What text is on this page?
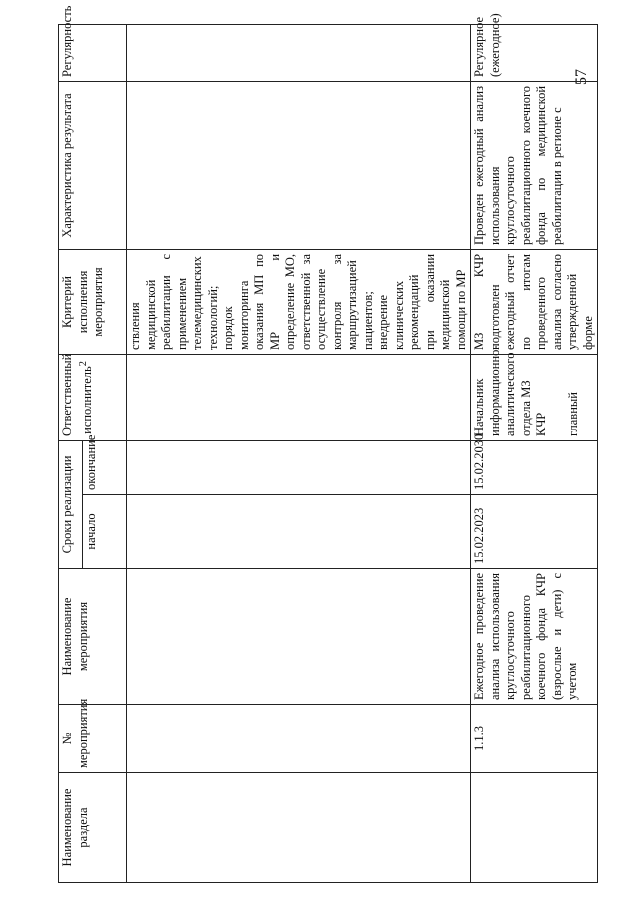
57
Наименование раздела	№ мероприятия	Наименование мероприятия	Сроки реализации		Ответственный исполнитель$^2$	Критерий исполнения мероприятия	Характеристика результата	Регулярность
			начало	окончание				
						ствления медицинской реабилитации с применением телемедицинских технологий; порядок мониторинга оказания МП по МР и определение МО, ответственной за осуществление контроля за маршрутизацией пациентов; внедрение клинических рекомендаций при оказании медицинской помощи по МР		
	1.1.3	Ежегодное проведение анализа использования круглосуточного реабилитационного коечного фонда КЧР (взрослые и дети) с учетом	15.02.2023	15.02.2030	Начальник информационно-аналитического отдела МЗ КЧР главный	МЗ КЧР подготовлен ежегодный отчет по итогам проведенного анализа согласно утвержденной форме	Проведен ежегодный анализ использования круглосуточного реабилитационного коечного фонда по медицинской реабилитации в регионе с	Регулярное (ежегодное)
